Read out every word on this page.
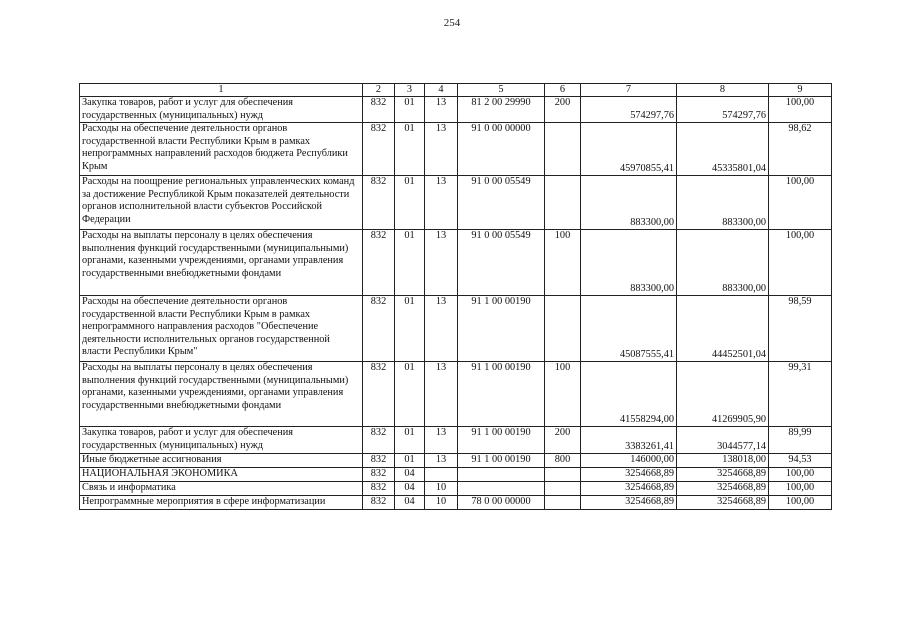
254
1	2	3	4	5	6	7	8	9
Закупка товаров, работ и услуг для обеспечения государственных (муниципальных) нужд	832	01	13	81 2 00 29990	200	574297,76	574297,76	100,00
Расходы на обеспечение деятельности органов государственной власти Республики Крым в рамках непрограммных направлений расходов бюджета Республики Крым	832	01	13	91 0 00 00000		45970855,41	45335801,04	98,62
Расходы на поощрение региональных управленческих команд за достижение Республикой Крым показателей деятельности органов исполнительной власти субъектов Российской Федерации	832	01	13	91 0 00 05549		883300,00	883300,00	100,00
Расходы на выплаты персоналу в целях обеспечения выполнения функций государственными (муниципальными) органами, казенными учреждениями, органами управления государственными внебюджетными фондами	832	01	13	91 0 00 05549	100	883300,00	883300,00	100,00
Расходы на обеспечение деятельности органов государственной власти Республики Крым в рамках непрограммного направления расходов "Обеспечение деятельности исполнительных органов государственной власти Республики Крым"	832	01	13	91 1 00 00190		45087555,41	44452501,04	98,59
Расходы на выплаты персоналу в целях обеспечения выполнения функций государственными (муниципальными) органами, казенными учреждениями, органами управления государственными внебюджетными фондами	832	01	13	91 1 00 00190	100	41558294,00	41269905,90	99,31
Закупка товаров, работ и услуг для обеспечения государственных (муниципальных) нужд	832	01	13	91 1 00 00190	200	3383261,41	3044577,14	89,99
Иные бюджетные ассигнования	832	01	13	91 1 00 00190	800	146000,00	138018,00	94,53
НАЦИОНАЛЬНАЯ ЭКОНОМИКА	832	04				3254668,89	3254668,89	100,00
Связь и информатика	832	04	10			3254668,89	3254668,89	100,00
Непрограммные мероприятия в сфере информатизации	832	04	10	78 0 00 00000		3254668,89	3254668,89	100,00
